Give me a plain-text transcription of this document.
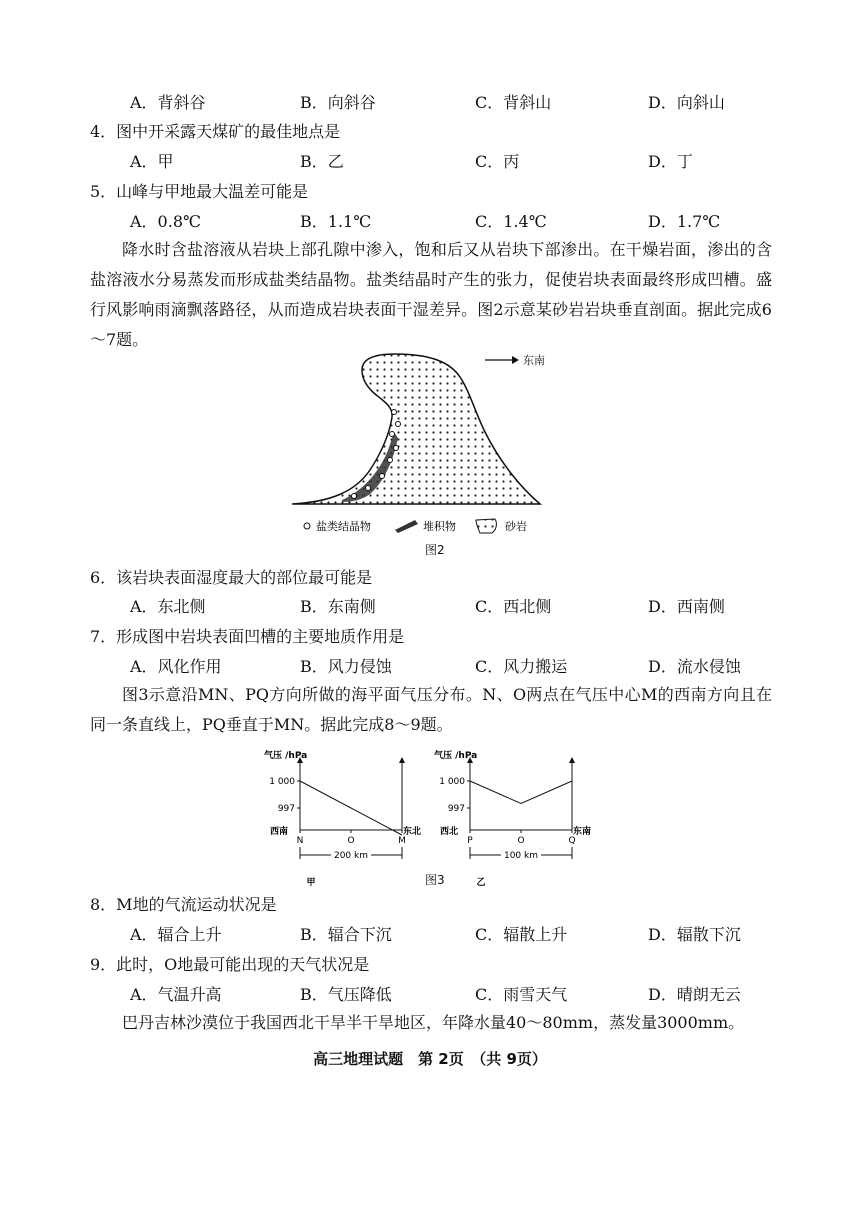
A．背斜谷	B．向斜谷	C．背斜山	D．向斜山
4．图中开采露天煤矿的最佳地点是
A．甲	B．乙	C．丙	D．丁
5．山峰与甲地最大温差可能是
A．0.8℃	B．1.1℃	C．1.4℃	D．1.7℃
降水时含盐溶液从岩块上部孔隙中渗入，饱和后又从岩块下部渗出。在干燥岩面，渗出的含盐溶液水分易蒸发而形成盐类结晶物。盐类结晶时产生的张力，促使岩块表面最终形成凹槽。盛行风影响雨滴飘落路径，从而造成岩块表面干湿差异。图2示意某砂岩岩块垂直剖面。据此完成6～7题。
东南
盐类结晶物	堆积物	砂岩
图2
6．该岩块表面湿度最大的部位最可能是
A．东北侧	B．东南侧	C．西北侧	D．西南侧
7．形成图中岩块表面凹槽的主要地质作用是
A．风化作用	B．风力侵蚀	C．风力搬运	D．流水侵蚀
图3示意沿MN、PQ方向所做的海平面气压分布。N、O两点在气压中心M的西南方向且在同一条直线上，PQ垂直于MN。据此完成8～9题。
气压 /hPa
1 000
997
西南	东北
N	O	M
200 km
甲
气压 /hPa
1 000
997
西北	东南
P	O	Q
100 km
乙
图3
8．M地的气流运动状况是
A．辐合上升	B．辐合下沉	C．辐散上升	D．辐散下沉
9．此时，O地最可能出现的天气状况是
A．气温升高	B．气压降低	C．雨雪天气	D．晴朗无云
巴丹吉林沙漠位于我国西北干旱半干旱地区，年降水量40～80mm，蒸发量3000mm。
高三地理试题　第 2页　（共 9页）
